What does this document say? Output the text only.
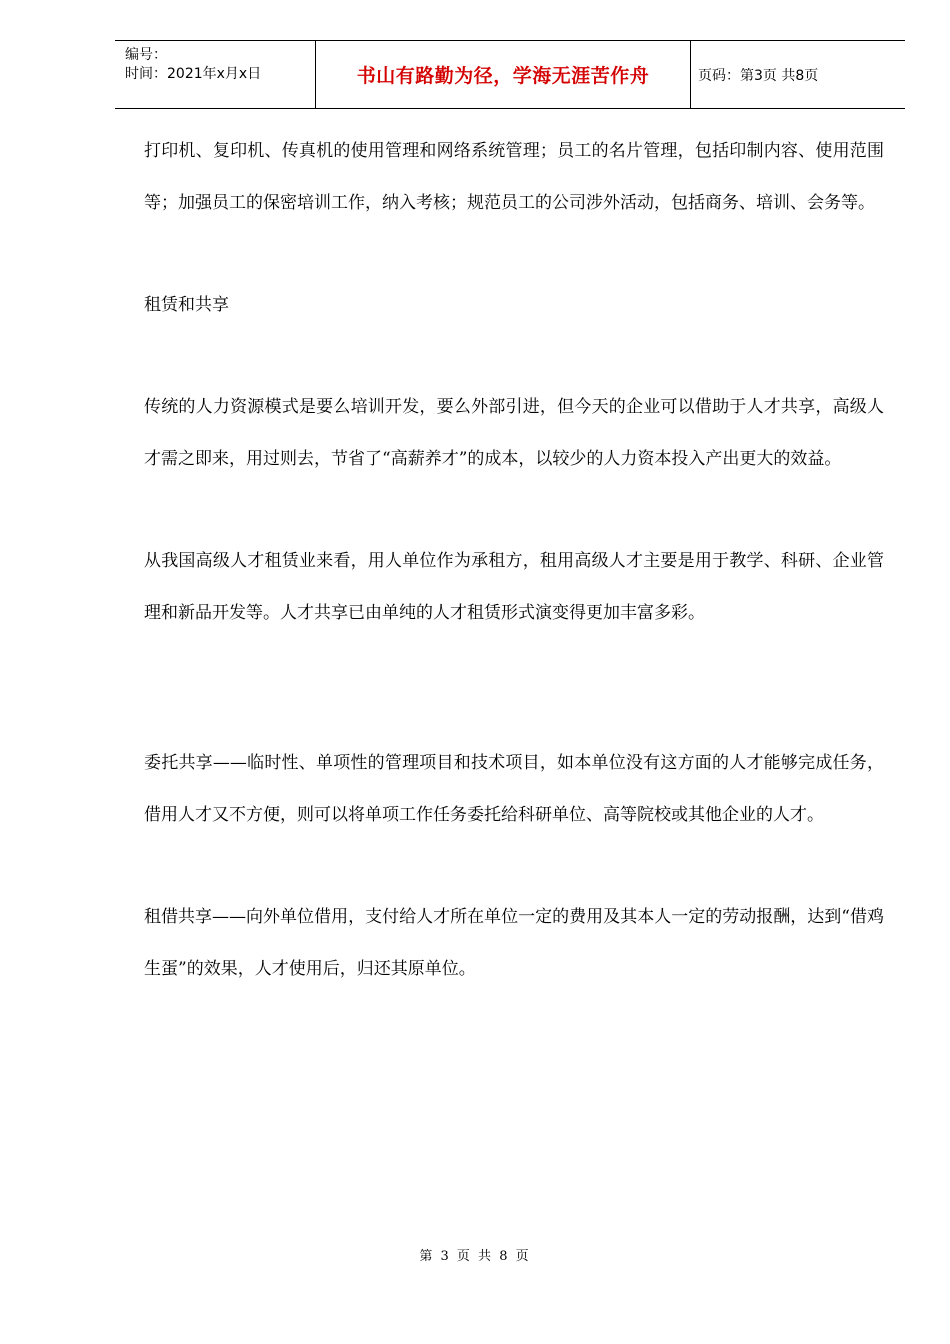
编号：
时间：2021年x月x日	书山有路勤为径，学海无涯苦作舟	页码：第3页 共8页

打印机、复印机、传真机的使用管理和网络系统管理；员工的名片管理，包括印制内容、使用范围等；加强员工的保密培训工作，纳入考核；规范员工的公司涉外活动，包括商务、培训、会务等。

租赁和共享

传统的人力资源模式是要么培训开发，要么外部引进，但今天的企业可以借助于人才共享，高级人才需之即来，用过则去，节省了“高薪养才”的成本，以较少的人力资本投入产出更大的效益。

从我国高级人才租赁业来看，用人单位作为承租方，租用高级人才主要是用于教学、科研、企业管理和新品开发等。人才共享已由单纯的人才租赁形式演变得更加丰富多彩。

委托共享——临时性、单项性的管理项目和技术项目，如本单位没有这方面的人才能够完成任务，借用人才又不方便，则可以将单项工作任务委托给科研单位、高等院校或其他企业的人才。

租借共享——向外单位借用，支付给人才所在单位一定的费用及其本人一定的劳动报酬，达到“借鸡生蛋”的效果，人才使用后，归还其原单位。

第 3 页 共 8 页
